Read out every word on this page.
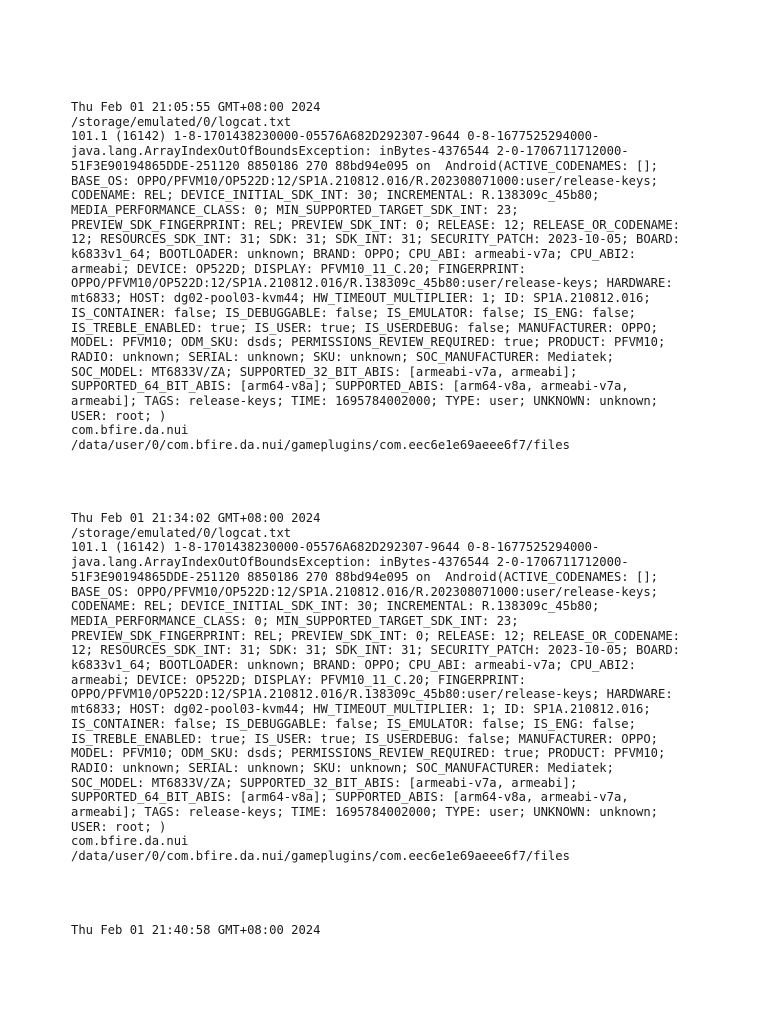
Thu Feb 01 21:05:55 GMT+08:00 2024
/storage/emulated/0/logcat.txt
101.1 (16142) 1-8-1701438230000-05576A682D292307-9644 0-8-1677525294000-
java.lang.ArrayIndexOutOfBoundsException: inBytes-4376544 2-0-1706711712000-
51F3E90194865DDE-251120 8850186 270 88bd94e095 on  Android(ACTIVE_CODENAMES: [];
BASE_OS: OPPO/PFVM10/OP522D:12/SP1A.210812.016/R.202308071000:user/release-keys;
CODENAME: REL; DEVICE_INITIAL_SDK_INT: 30; INCREMENTAL: R.138309c_45b80;
MEDIA_PERFORMANCE_CLASS: 0; MIN_SUPPORTED_TARGET_SDK_INT: 23;
PREVIEW_SDK_FINGERPRINT: REL; PREVIEW_SDK_INT: 0; RELEASE: 12; RELEASE_OR_CODENAME:
12; RESOURCES_SDK_INT: 31; SDK: 31; SDK_INT: 31; SECURITY_PATCH: 2023-10-05; BOARD:
k6833v1_64; BOOTLOADER: unknown; BRAND: OPPO; CPU_ABI: armeabi-v7a; CPU_ABI2:
armeabi; DEVICE: OP522D; DISPLAY: PFVM10_11_C.20; FINGERPRINT:
OPPO/PFVM10/OP522D:12/SP1A.210812.016/R.138309c_45b80:user/release-keys; HARDWARE:
mt6833; HOST: dg02-pool03-kvm44; HW_TIMEOUT_MULTIPLIER: 1; ID: SP1A.210812.016;
IS_CONTAINER: false; IS_DEBUGGABLE: false; IS_EMULATOR: false; IS_ENG: false;
IS_TREBLE_ENABLED: true; IS_USER: true; IS_USERDEBUG: false; MANUFACTURER: OPPO;
MODEL: PFVM10; ODM_SKU: dsds; PERMISSIONS_REVIEW_REQUIRED: true; PRODUCT: PFVM10;
RADIO: unknown; SERIAL: unknown; SKU: unknown; SOC_MANUFACTURER: Mediatek;
SOC_MODEL: MT6833V/ZA; SUPPORTED_32_BIT_ABIS: [armeabi-v7a, armeabi];
SUPPORTED_64_BIT_ABIS: [arm64-v8a]; SUPPORTED_ABIS: [arm64-v8a, armeabi-v7a,
armeabi]; TAGS: release-keys; TIME: 1695784002000; TYPE: user; UNKNOWN: unknown;
USER: root; )
com.bfire.da.nui
/data/user/0/com.bfire.da.nui/gameplugins/com.eec6e1e69aeee6f7/files
Thu Feb 01 21:34:02 GMT+08:00 2024
/storage/emulated/0/logcat.txt
101.1 (16142) 1-8-1701438230000-05576A682D292307-9644 0-8-1677525294000-
java.lang.ArrayIndexOutOfBoundsException: inBytes-4376544 2-0-1706711712000-
51F3E90194865DDE-251120 8850186 270 88bd94e095 on  Android(ACTIVE_CODENAMES: [];
BASE_OS: OPPO/PFVM10/OP522D:12/SP1A.210812.016/R.202308071000:user/release-keys;
CODENAME: REL; DEVICE_INITIAL_SDK_INT: 30; INCREMENTAL: R.138309c_45b80;
MEDIA_PERFORMANCE_CLASS: 0; MIN_SUPPORTED_TARGET_SDK_INT: 23;
PREVIEW_SDK_FINGERPRINT: REL; PREVIEW_SDK_INT: 0; RELEASE: 12; RELEASE_OR_CODENAME:
12; RESOURCES_SDK_INT: 31; SDK: 31; SDK_INT: 31; SECURITY_PATCH: 2023-10-05; BOARD:
k6833v1_64; BOOTLOADER: unknown; BRAND: OPPO; CPU_ABI: armeabi-v7a; CPU_ABI2:
armeabi; DEVICE: OP522D; DISPLAY: PFVM10_11_C.20; FINGERPRINT:
OPPO/PFVM10/OP522D:12/SP1A.210812.016/R.138309c_45b80:user/release-keys; HARDWARE:
mt6833; HOST: dg02-pool03-kvm44; HW_TIMEOUT_MULTIPLIER: 1; ID: SP1A.210812.016;
IS_CONTAINER: false; IS_DEBUGGABLE: false; IS_EMULATOR: false; IS_ENG: false;
IS_TREBLE_ENABLED: true; IS_USER: true; IS_USERDEBUG: false; MANUFACTURER: OPPO;
MODEL: PFVM10; ODM_SKU: dsds; PERMISSIONS_REVIEW_REQUIRED: true; PRODUCT: PFVM10;
RADIO: unknown; SERIAL: unknown; SKU: unknown; SOC_MANUFACTURER: Mediatek;
SOC_MODEL: MT6833V/ZA; SUPPORTED_32_BIT_ABIS: [armeabi-v7a, armeabi];
SUPPORTED_64_BIT_ABIS: [arm64-v8a]; SUPPORTED_ABIS: [arm64-v8a, armeabi-v7a,
armeabi]; TAGS: release-keys; TIME: 1695784002000; TYPE: user; UNKNOWN: unknown;
USER: root; )
com.bfire.da.nui
/data/user/0/com.bfire.da.nui/gameplugins/com.eec6e1e69aeee6f7/files
Thu Feb 01 21:40:58 GMT+08:00 2024
